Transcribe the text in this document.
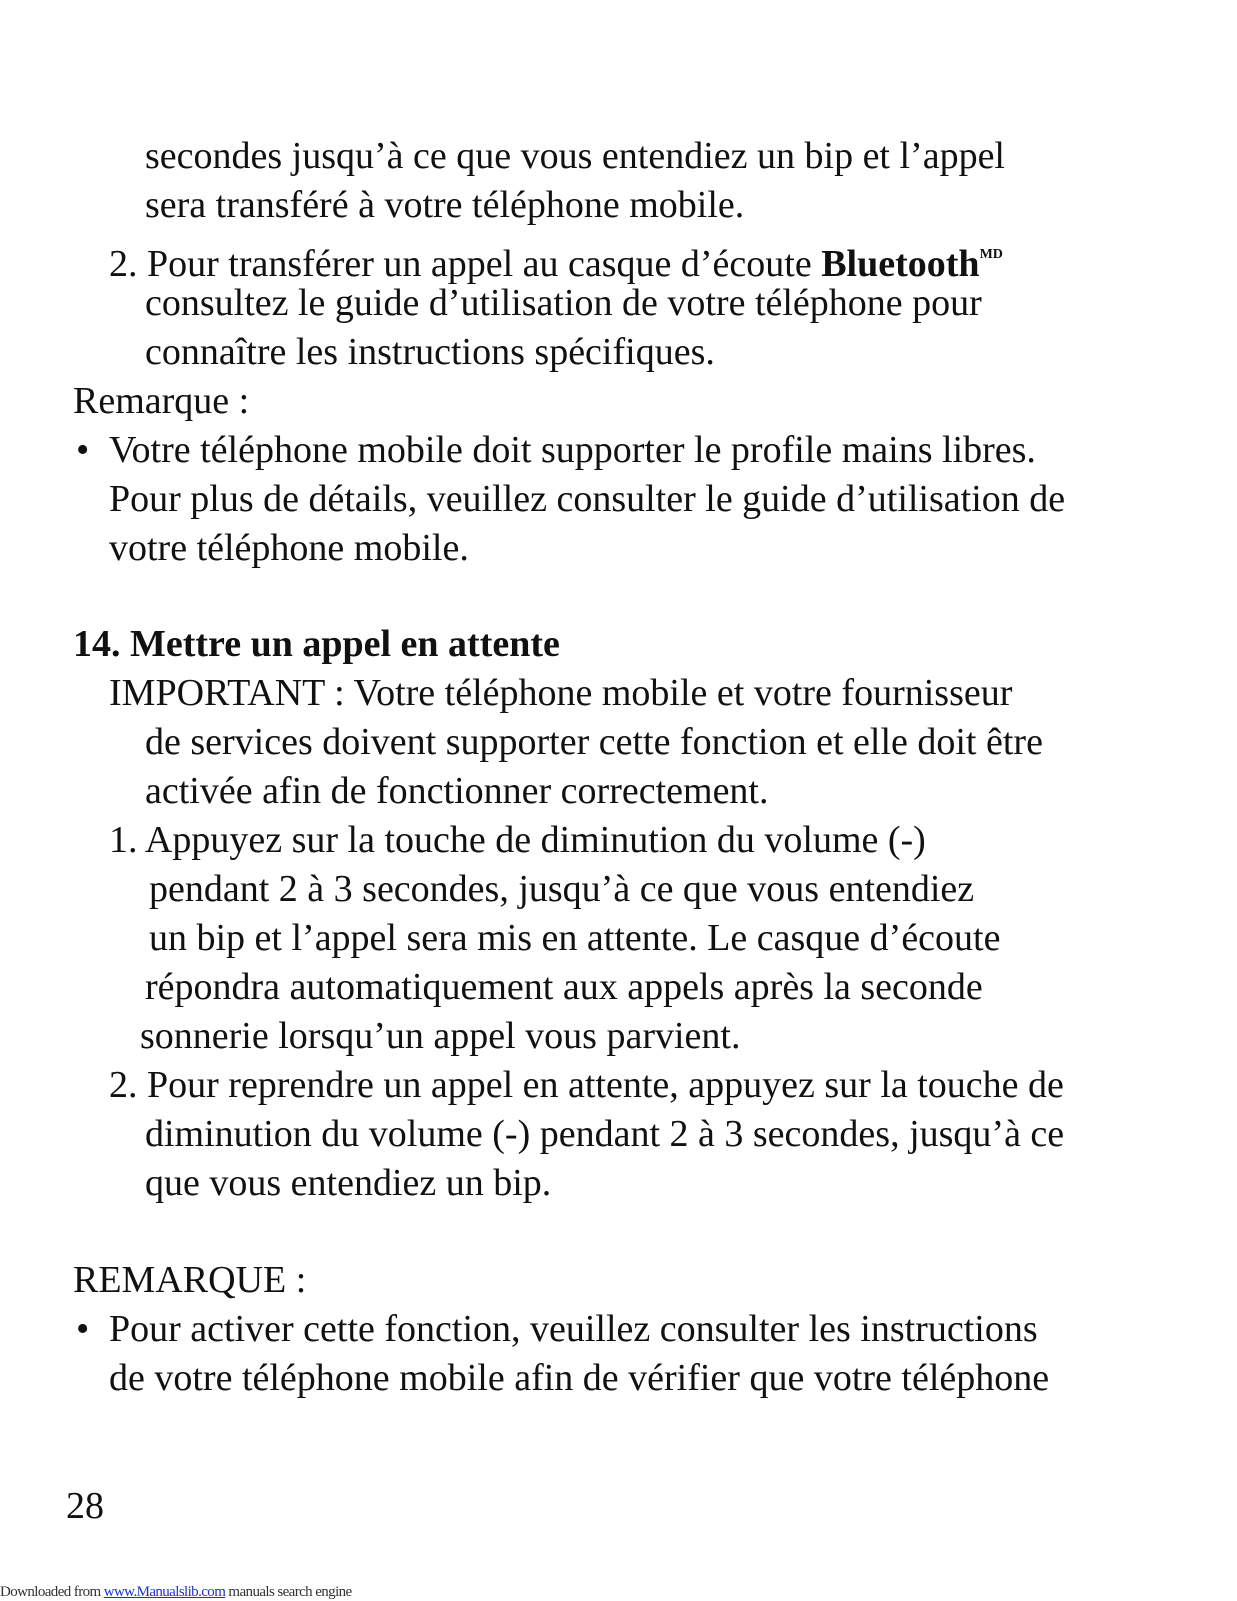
secondes jusqu’à ce que vous entendiez un bip et l’appel

sera transféré à votre téléphone mobile.

2. Pour transférer un appel au casque d’écoute Bluetooth$^{MD}$

consultez le guide d’utilisation de votre téléphone pour

connaître les instructions spécifiques.

Remarque :

• Votre téléphone mobile doit supporter le profile mains libres.

Pour plus de détails, veuillez consulter le guide d’utilisation de

votre téléphone mobile.

14. Mettre un appel en attente

IMPORTANT : Votre téléphone mobile et votre fournisseur

de services doivent supporter cette fonction et elle doit être

activée afin de fonctionner correctement.

1. Appuyez sur la touche de diminution du volume (-)

pendant 2 à 3 secondes, jusqu’à ce que vous entendiez

un bip et l’appel sera mis en attente. Le casque d’écoute

répondra automatiquement aux appels après la seconde

sonnerie lorsqu’un appel vous parvient.

2. Pour reprendre un appel en attente, appuyez sur la touche de

diminution du volume (-) pendant 2 à 3 secondes, jusqu’à ce

que vous entendiez un bip.

REMARQUE :

• Pour activer cette fonction, veuillez consulter les instructions

de votre téléphone mobile afin de vérifier que votre téléphone

28

Downloaded from www.Manualslib.com manuals search engine
